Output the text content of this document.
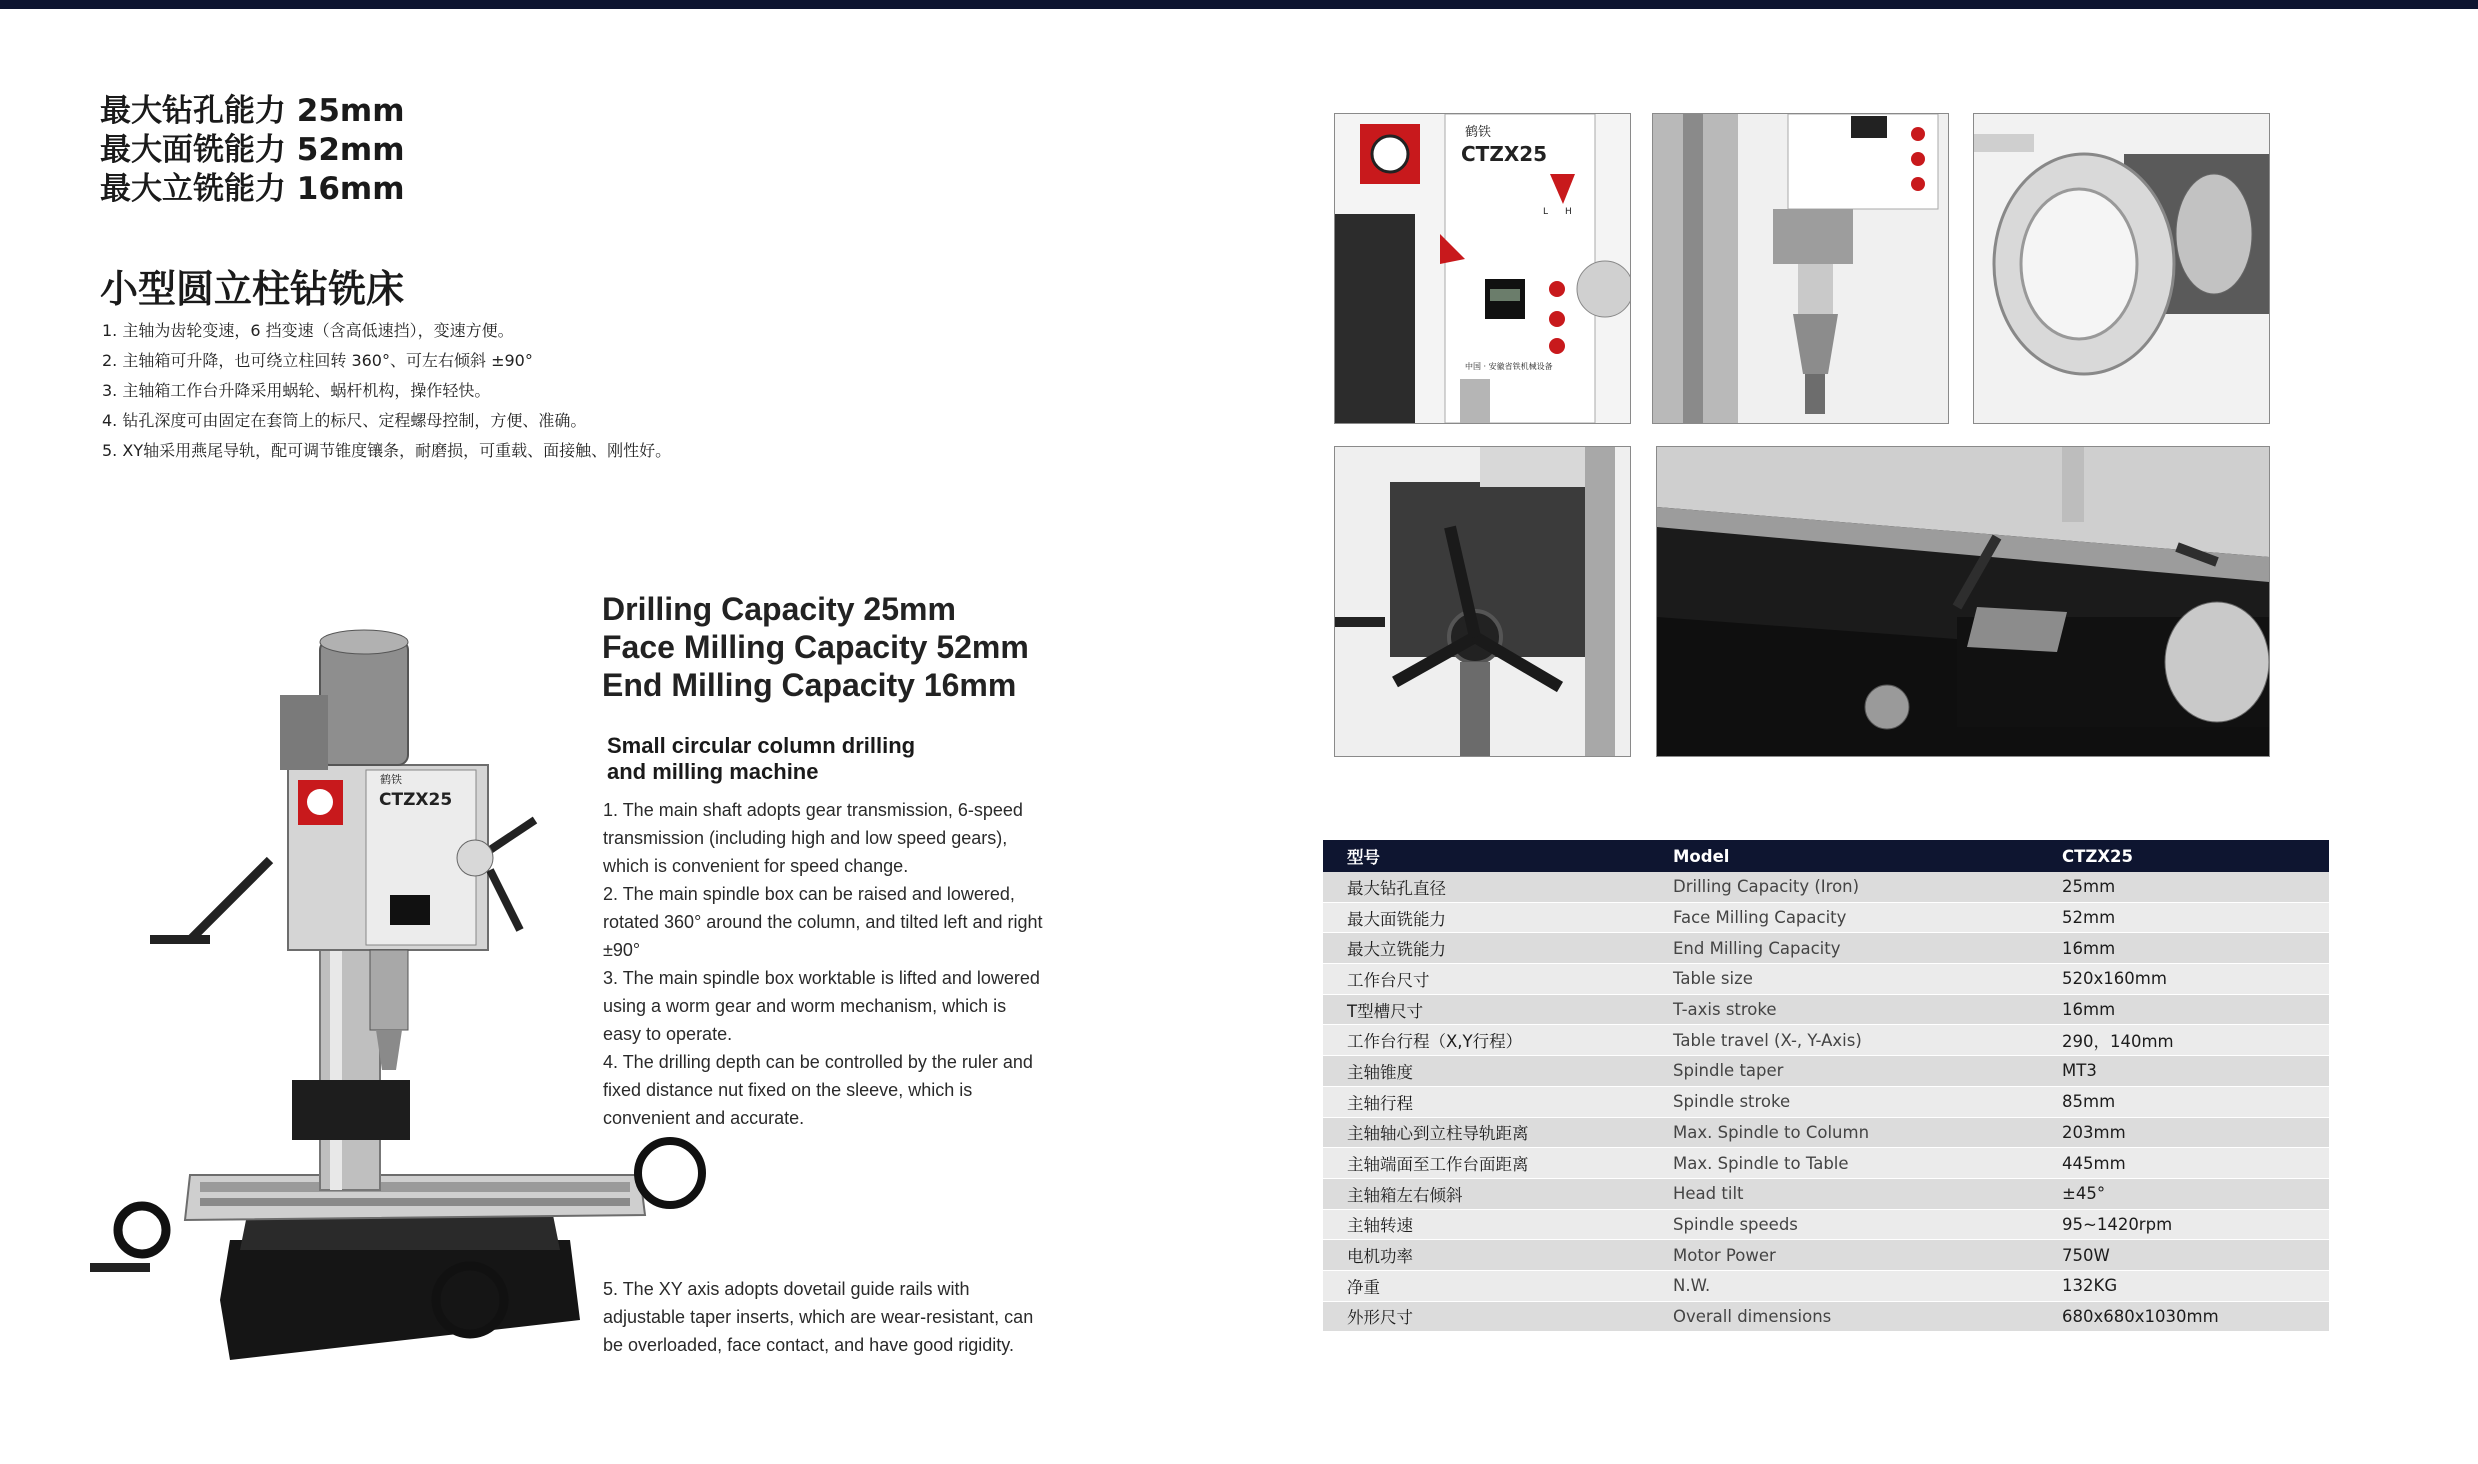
最大钻孔能力 25mm
最大面铣能力 52mm
最大立铣能力 16mm
小型圆立柱钻铣床
1. 主轴为齿轮变速，6 挡变速（含高低速挡），变速方便。
2. 主轴箱可升降，也可绕立柱回转 360°、可左右倾斜 ±90°
3. 主轴箱工作台升降采用蜗轮、蜗杆机构，操作轻快。
4. 钻孔深度可由固定在套筒上的标尺、定程螺母控制，方便、准确。
5. XY轴采用燕尾导轨，配可调节锥度镶条，耐磨损，可重载、面接触、刚性好。
CTZX25
鹤铁
Drilling Capacity 25mm
Face Milling Capacity 52mm
End Milling Capacity 16mm
Small circular column drilling
and milling machine

1. The main shaft adopts gear transmission, 6-speed transmission (including high and low speed gears), which is convenient for speed change.

2. The main spindle box can be raised and lowered, rotated 360° around the column, and tilted left and right ±90°

3. The main spindle box worktable is lifted and lowered using a worm gear and worm mechanism, which is easy to operate.

4. The drilling depth can be controlled by the ruler and fixed distance nut fixed on the sleeve, which is convenient and accurate.

5. The XY axis adopts dovetail guide rails with adjustable taper inserts, which are wear-resistant, can be overloaded, face contact, and have good rigidity.

CTZX25
鹤铁
L H
中国 · 安徽省铁机械设备
型号	Model	CTZX25
最大钻孔直径	Drilling Capacity (Iron)	25mm
最大面铣能力	Face Milling Capacity	52mm
最大立铣能力	End Milling Capacity	16mm
工作台尺寸	Table size	520x160mm
T型槽尺寸	T-axis stroke	16mm
工作台行程（X,Y行程）	Table travel (X-, Y-Axis)	290，140mm
主轴锥度	Spindle taper	MT3
主轴行程	Spindle stroke	85mm
主轴轴心到立柱导轨距离	Max. Spindle to Column	203mm
主轴端面至工作台面距离	Max. Spindle to Table	445mm
主轴箱左右倾斜	Head tilt	±45°
主轴转速	Spindle speeds	95~1420rpm
电机功率	Motor Power	750W
净重	N.W.	132KG
外形尺寸	Overall dimensions	680x680x1030mm
